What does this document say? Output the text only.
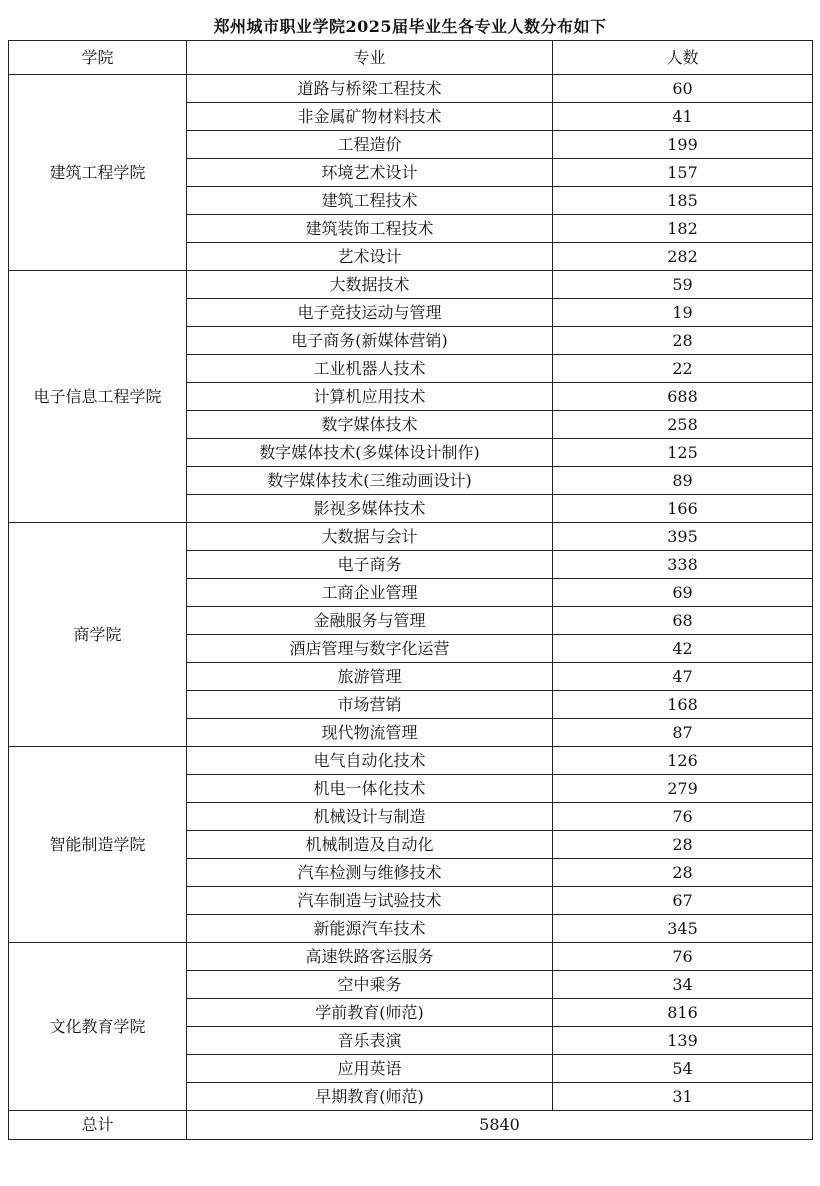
郑州城市职业学院2025届毕业生各专业人数分布如下
学院	专业	人数
建筑工程学院	道路与桥梁工程技术	60
	非金属矿物材料技术	41
	工程造价	199
	环境艺术设计	157
	建筑工程技术	185
	建筑装饰工程技术	182
	艺术设计	282
电子信息工程学院	大数据技术	59
	电子竞技运动与管理	19
	电子商务(新媒体营销)	28
	工业机器人技术	22
	计算机应用技术	688
	数字媒体技术	258
	数字媒体技术(多媒体设计制作)	125
	数字媒体技术(三维动画设计)	89
	影视多媒体技术	166
商学院	大数据与会计	395
	电子商务	338
	工商企业管理	69
	金融服务与管理	68
	酒店管理与数字化运营	42
	旅游管理	47
	市场营销	168
	现代物流管理	87
智能制造学院	电气自动化技术	126
	机电一体化技术	279
	机械设计与制造	76
	机械制造及自动化	28
	汽车检测与维修技术	28
	汽车制造与试验技术	67
	新能源汽车技术	345
文化教育学院	高速铁路客运服务	76
	空中乘务	34
	学前教育(师范)	816
	音乐表演	139
	应用英语	54
	早期教育(师范)	31
总计	5840	
